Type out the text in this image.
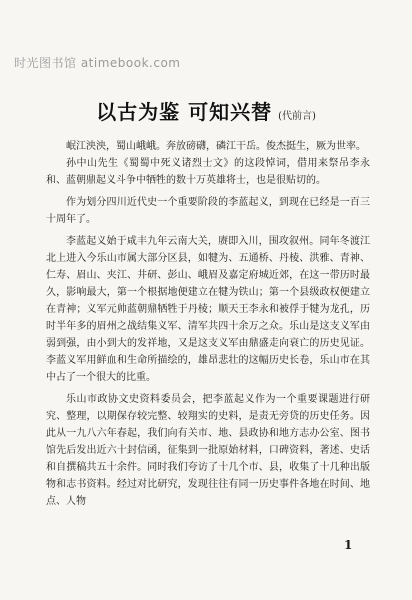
时光图书馆 atimebook.com
以古为鉴 可知兴替 (代前言)

岷江泱泱，蜀山峨峨。奔放磅礴，磷江干岳。俊杰挺生，厥为世率。

孙中山先生《蜀蜀中死义诸烈士文》的这段悼词，借用来祭吊李永和、蓝朝鼎起义斗争中牺牲的数十万英雄将士，也是很贴切的。

作为划分四川近代史一个重要阶段的李蓝起义，到现在已经是一百三十周年了。

李蓝起义始于咸丰九年云南大关，赓即入川，围攻叙州。同年冬渡江北上进入今乐山市属大部分区县，如犍为、五通桥、丹棱、洪雅、青神、仁寿、眉山、夹江、井研、彭山、峨眉及嘉定府城近郊，在这一带历时最久，影响最大，第一个根据地便建立在犍为铁山；第一个县级政权便建立在青神；义军元帅蓝朝鼎牺牲于丹棱；顺天王李永和被俘于犍为龙孔，历时半年多的眉州之战结集义军、清军共四十余万之众。乐山是这支义军由弱到强，由小到大的发祥地，又是这支义军由鼎盛走向衰亡的历史见证。李蓝义军用鲜血和生命所描绘的，雄昂悲壮的这幅历史长卷，乐山市在其中占了一个很大的比重。

乐山市政协文史资料委员会，把李蓝起义作为一个重要课题进行研究、整理，以期保存较完整、较翔实的史料，是责无旁贷的历史任务。因此从一九八六年春起，我们向有关市、地、县政协和地方志办公室、图书馆先后发出近六十封信函，征集到一批原始材料，口碑资料，著述、史话和自撰稿共五十余件。同时我们夸访了十几个市、县，收集了十几种出版物和志书资料。经过对比研究，发现往往有同一历史事件各地在时间、地点、人物

1
